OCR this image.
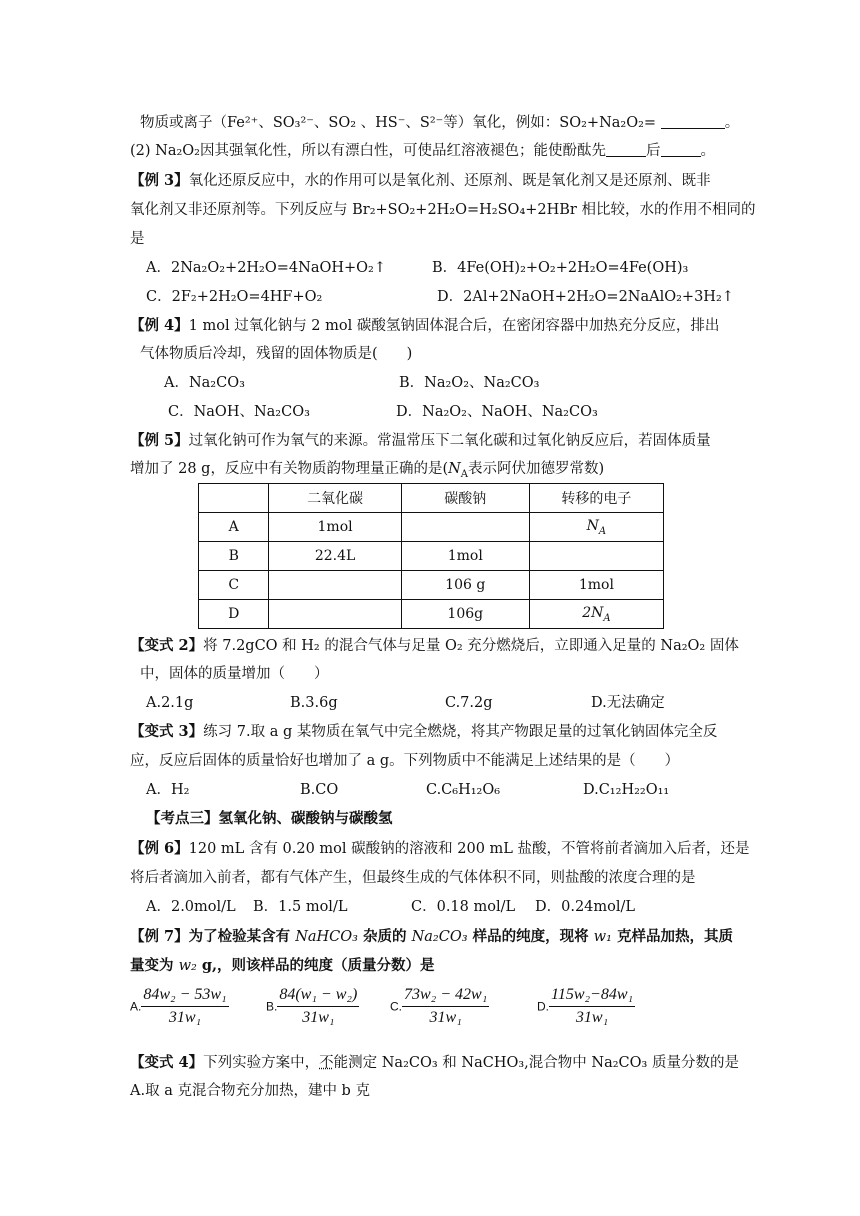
物质或离子（Fe²⁺、SO₃²⁻、SO₂ 、HS⁻、S²⁻等）氧化，例如：SO₂+Na₂O₂=	。
(2) Na₂O₂因其强氧化性，所以有漂白性，可使品红溶液褪色；能使酚酞先	后	。
【例 3】氧化还原反应中，水的作用可以是氧化剂、还原剂、既是氧化剂又是还原剂、既非
氧化剂又非还原剂等。下列反应与 Br₂+SO₂+2H₂O=H₂SO₄+2HBr 相比较，水的作用不相同的
是
A．2Na₂O₂+2H₂O=4NaOH+O₂↑	B．4Fe(OH)₂+O₂+2H₂O=4Fe(OH)₃
C．2F₂+2H₂O=4HF+O₂	D．2Al+2NaOH+2H₂O=2NaAlO₂+3H₂↑
【例 4】1 mol 过氧化钠与 2 mol 碳酸氢钠固体混合后，在密闭容器中加热充分反应，排出
气体物质后冷却，残留的固体物质是(　　)
A．Na₂CO₃	B．Na₂O₂、Na₂CO₃
C．NaOH、Na₂CO₃	D．Na₂O₂、NaOH、Na₂CO₃
【例 5】过氧化钠可作为氧气的来源。常温常压下二氧化碳和过氧化钠反应后，若固体质量
增加了 28 g，反应中有关物质韵物理量正确的是($N_A$表示阿伏加德罗常数)
	二氧化碳	碳酸钠	转移的电子
A	1mol		$N_A$
B	22.4L	1mol	
C		106 g	1mol
D		106g	$2N_A$
【变式 2】将 7.2gCO 和 H₂ 的混合气体与足量 O₂ 充分燃烧后，立即通入足量的 Na₂O₂ 固体
中，固体的质量增加（　　）
A.2.1g	B.3.6g	C.7.2g	D.无法确定
【变式 3】练习 7.取 a g 某物质在氧气中完全燃烧，将其产物跟足量的过氧化钠固体完全反
应，反应后固体的质量恰好也增加了 a g。下列物质中不能满足上述结果的是（　　）
A．H₂	B.CO	C.C₆H₁₂O₆	D.C₁₂H₂₂O₁₁
【考点三】氢氧化钠、碳酸钠与碳酸氢
【例 6】120 mL 含有 0.20 mol 碳酸钠的溶液和 200 mL 盐酸，不管将前者滴加入后者，还是
将后者滴加入前者，都有气体产生，但最终生成的气体体积不同，则盐酸的浓度合理的是
A．2.0mol/L B．1.5 mol/L	C．0.18 mol/L D．0.24mol/L
【例 7】为了检验某含有 NaHCO₃ 杂质的 Na₂CO₃ 样品的纯度，现将 w₁ 克样品加热，其质
量变为 w₂ g,，则该样品的纯度（质量分数）是
A. $\frac{\text{84w₂ − 53w₁}}{\text{31w₁}}$	B. $\frac{\text{84(w₁ − w₂)}}{\text{31w₁}}$	C. $\frac{\text{73w₂ − 42w₁}}{\text{31w₁}}$	D. $\frac{\text{115w₂−84w₁}}{\text{31w₁}}$
【变式 4】下列实验方案中，不能测定 Na₂CO₃ 和 NaCHO₃,混合物中 Na₂CO₃ 质量分数的是
A.取 a 克混合物充分加热，建中 b 克
